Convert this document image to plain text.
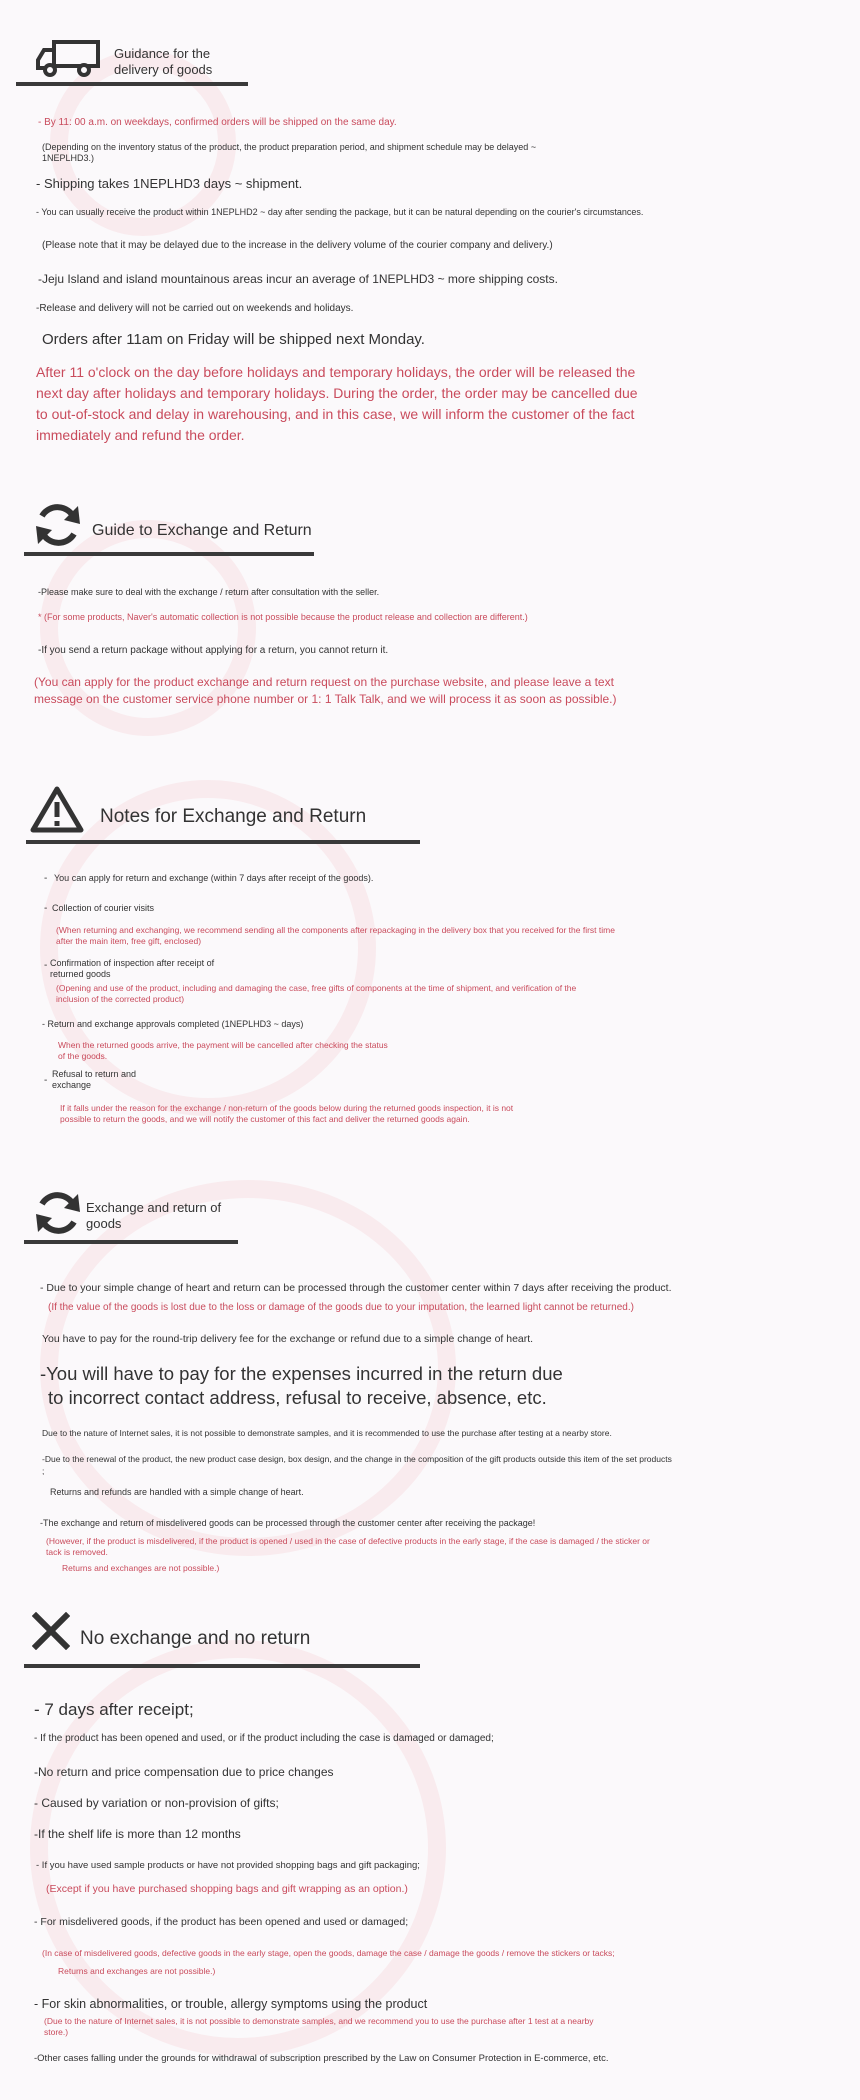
Guidance for the

delivery of goods

- By 11: 00 a.m. on weekdays, confirmed orders will be shipped on the same day.

(Depending on the inventory status of the product, the product preparation period, and shipment schedule may be delayed ~

1NEPLHD3.)

- Shipping takes 1NEPLHD3 days ~ shipment.

- You can usually receive the product within 1NEPLHD2 ~ day after sending the package, but it can be natural depending on the courier's circumstances.

(Please note that it may be delayed due to the increase in the delivery volume of the courier company and delivery.)

-Jeju Island and island mountainous areas incur an average of 1NEPLHD3 ~ more shipping costs.

-Release and delivery will not be carried out on weekends and holidays.

Orders after 11am on Friday will be shipped next Monday.

After 11 o'clock on the day before holidays and temporary holidays, the order will be released the

next day after holidays and temporary holidays. During the order, the order may be cancelled due

to out-of-stock and delay in warehousing, and in this case, we will inform the customer of the fact

immediately and refund the order.

Guide to Exchange and Return

-Please make sure to deal with the exchange / return after consultation with the seller.

* (For some products, Naver's automatic collection is not possible because the product release and collection are different.)

-If you send a return package without applying for a return, you cannot return it.

(You can apply for the product exchange and return request on the purchase website, and please leave a text

message on the customer service phone number or 1: 1 Talk Talk, and we will process it as soon as possible.)

Notes for Exchange and Return

- You can apply for return and exchange (within 7 days after receipt of the goods).

- Collection of courier visits

(When returning and exchanging, we recommend sending all the components after repackaging in the delivery box that you received for the first time

after the main item, free gift, enclosed)

- Confirmation of inspection after receipt of

returned goods

(Opening and use of the product, including and damaging the case, free gifts of components at the time of shipment, and verification of the

inclusion of the corrected product)

- Return and exchange approvals completed (1NEPLHD3 ~ days)

When the returned goods arrive, the payment will be cancelled after checking the status

of the goods.

-

Refusal to return and

exchange

If it falls under the reason for the exchange / non-return of the goods below during the returned goods inspection, it is not

possible to return the goods, and we will notify the customer of this fact and deliver the returned goods again.

Exchange and return of

goods

- Due to your simple change of heart and return can be processed through the customer center within 7 days after receiving the product.

(If the value of the goods is lost due to the loss or damage of the goods due to your imputation, the learned light cannot be returned.)

You have to pay for the round-trip delivery fee for the exchange or refund due to a simple change of heart.

-You will have to pay for the expenses incurred in the return due

to incorrect contact address, refusal to receive, absence, etc.

Due to the nature of Internet sales, it is not possible to demonstrate samples, and it is recommended to use the purchase after testing at a nearby store.

-Due to the renewal of the product, the new product case design, box design, and the change in the composition of the gift products outside this item of the set products

;

Returns and refunds are handled with a simple change of heart.

-The exchange and return of misdelivered goods can be processed through the customer center after receiving the package!

(However, if the product is misdelivered, if the product is opened / used in the case of defective products in the early stage, if the case is damaged / the sticker or

tack is removed.

Returns and exchanges are not possible.)

No exchange and no return

- 7 days after receipt;

- If the product has been opened and used, or if the product including the case is damaged or damaged;

-No return and price compensation due to price changes

- Caused by variation or non-provision of gifts;

-If the shelf life is more than 12 months

- If you have used sample products or have not provided shopping bags and gift packaging;

(Except if you have purchased shopping bags and gift wrapping as an option.)

- For misdelivered goods, if the product has been opened and used or damaged;

(In case of misdelivered goods, defective goods in the early stage, open the goods, damage the case / damage the goods / remove the stickers or tacks;

Returns and exchanges are not possible.)

- For skin abnormalities, or trouble, allergy symptoms using the product

(Due to the nature of Internet sales, it is not possible to demonstrate samples, and we recommend you to use the purchase after 1 test at a nearby

store.)

-Other cases falling under the grounds for withdrawal of subscription prescribed by the Law on Consumer Protection in E-commerce, etc.
